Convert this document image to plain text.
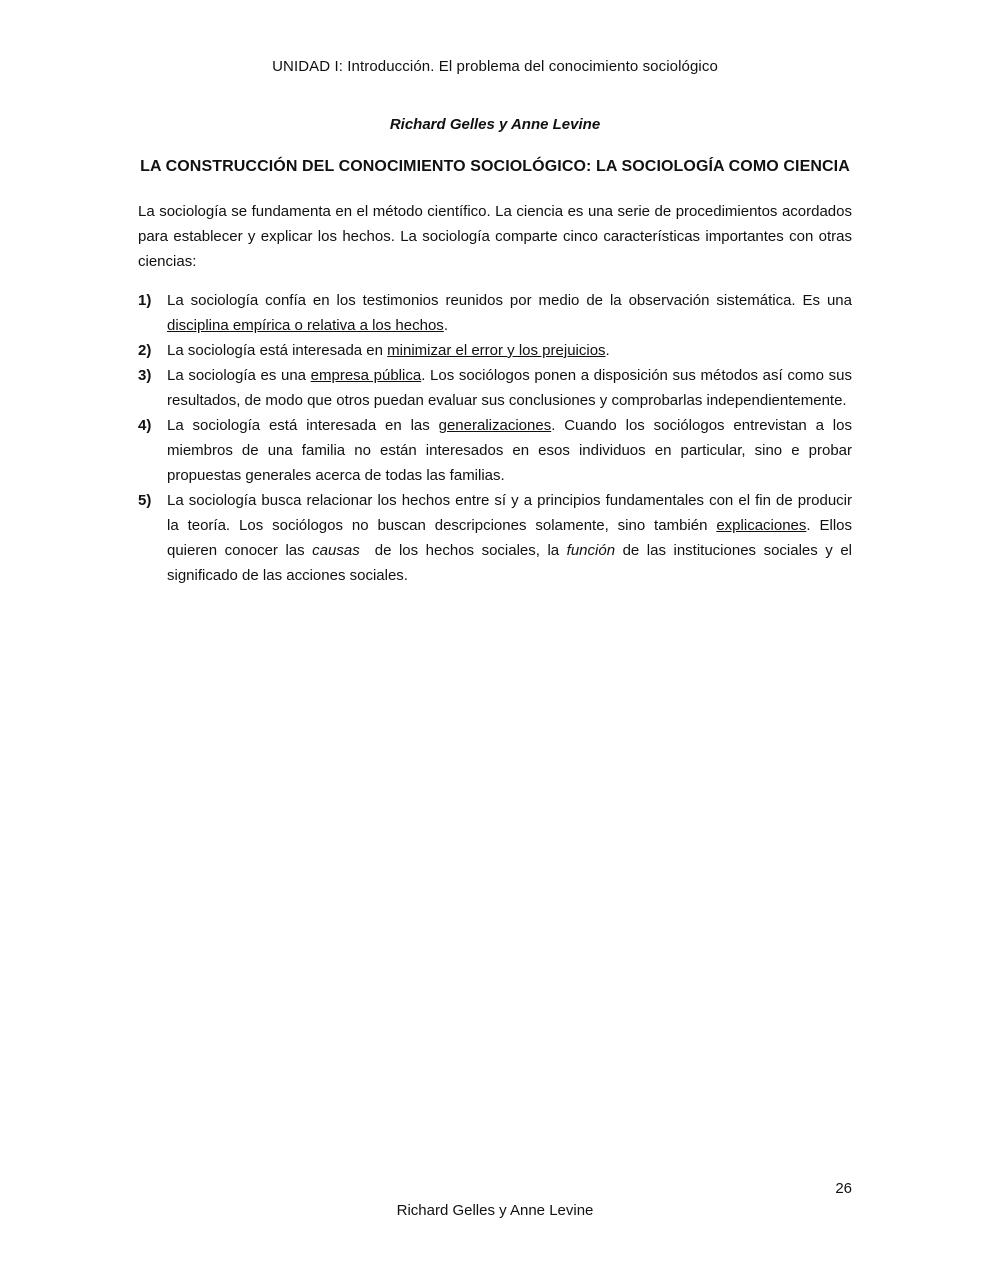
UNIDAD I: Introducción. El problema del conocimiento sociológico
Richard Gelles y Anne Levine
LA CONSTRUCCIÓN DEL CONOCIMIENTO SOCIOLÓGICO: LA SOCIOLOGÍA COMO CIENCIA

La sociología se fundamenta en el método científico. La ciencia es una serie de procedimientos acordados para establecer y explicar los hechos. La sociología comparte cinco características importantes con otras ciencias:

1) La sociología confía en los testimonios reunidos por medio de la observación sistemática. Es una disciplina empírica o relativa a los hechos.
2) La sociología está interesada en minimizar el error y los prejuicios.
3) La sociología es una empresa pública. Los sociólogos ponen a disposición sus métodos así como sus resultados, de modo que otros puedan evaluar sus conclusiones y comprobarlas independientemente.
4) La sociología está interesada en las generalizaciones. Cuando los sociólogos entrevistan a los miembros de una familia no están interesados en esos individuos en particular, sino e probar propuestas generales acerca de todas las familias.
5) La sociología busca relacionar los hechos entre sí y a principios fundamentales con el fin de producir la teoría. Los sociólogos no buscan descripciones solamente, sino también explicaciones. Ellos quieren conocer las causas  de los hechos sociales, la función de las instituciones sociales y el significado de las acciones sociales.
26
Richard Gelles y Anne Levine
